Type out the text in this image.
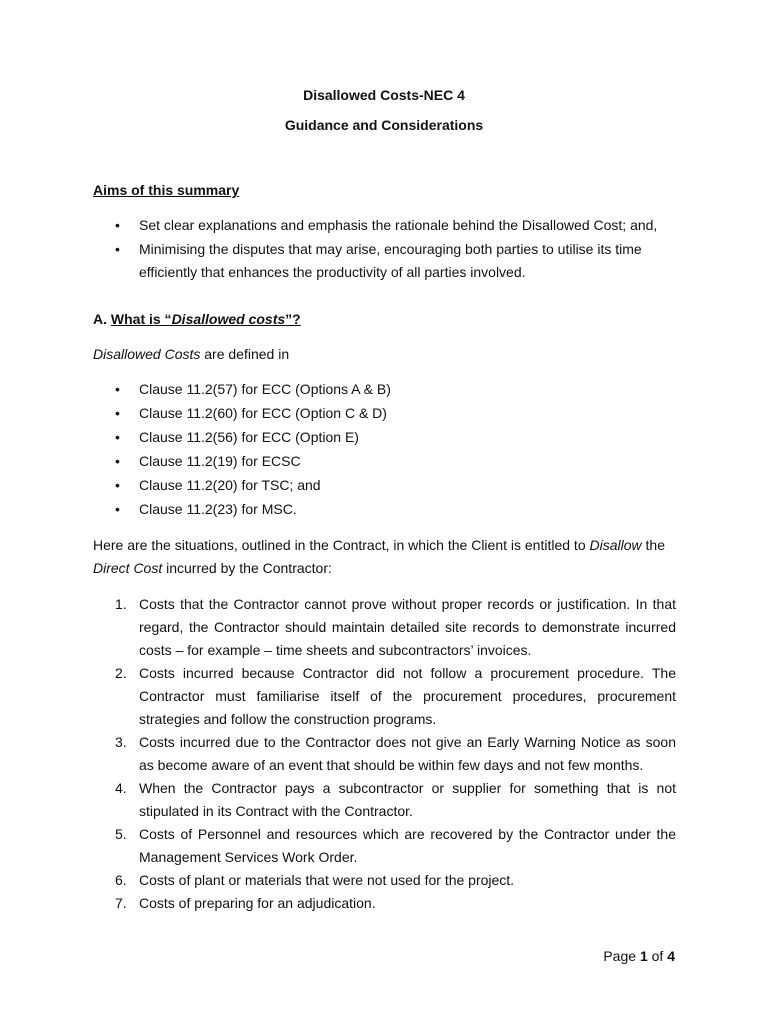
Disallowed Costs-NEC 4
Guidance and Considerations
Aims of this summary
• Set clear explanations and emphasis the rationale behind the Disallowed Cost; and,
• Minimising the disputes that may arise, encouraging both parties to utilise its time efficiently that enhances the productivity of all parties involved.
A. What is “Disallowed costs”?
Disallowed Costs are defined in
• Clause 11.2(57) for ECC (Options A & B)
• Clause 11.2(60) for ECC (Option C & D)
• Clause 11.2(56) for ECC (Option E)
• Clause 11.2(19) for ECSC
• Clause 11.2(20) for TSC; and
• Clause 11.2(23) for MSC.
Here are the situations, outlined in the Contract, in which the Client is entitled to Disallow the Direct Cost incurred by the Contractor:
1. Costs that the Contractor cannot prove without proper records or justification. In that regard, the Contractor should maintain detailed site records to demonstrate incurred costs – for example – time sheets and subcontractors’ invoices.
2. Costs incurred because Contractor did not follow a procurement procedure. The Contractor must familiarise itself of the procurement procedures, procurement strategies and follow the construction programs.
3. Costs incurred due to the Contractor does not give an Early Warning Notice as soon as become aware of an event that should be within few days and not few months.
4. When the Contractor pays a subcontractor or supplier for something that is not stipulated in its Contract with the Contractor.
5. Costs of Personnel and resources which are recovered by the Contractor under the Management Services Work Order.
6. Costs of plant or materials that were not used for the project.
7. Costs of preparing for an adjudication.
Page 1 of 4
